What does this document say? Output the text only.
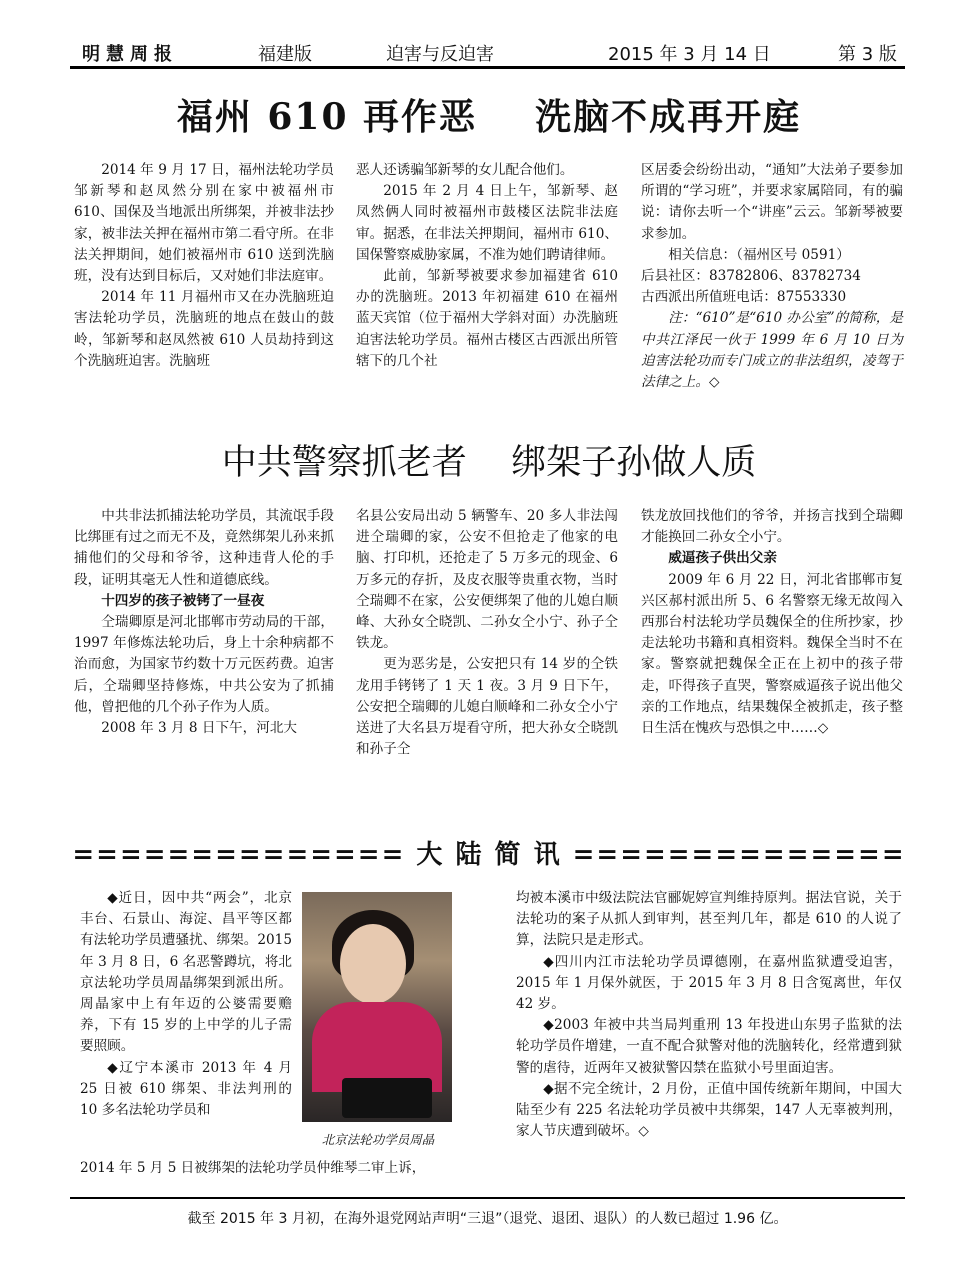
明慧周报	福建版	迫害与反迫害	2015 年 3 月 14 日	第 3 版
福州 610 再作恶    洗脑不成再开庭

2014 年 9 月 17 日，福州法轮功学员邹新琴和赵凤然分别在家中被福州市 610、国保及当地派出所绑架，并被非法抄家，被非法关押在福州市第二看守所。在非法关押期间，她们被福州市 610 送到洗脑班，没有达到目标后，又对她们非法庭审。

2014 年 11 月福州市又在办洗脑班迫害法轮功学员，洗脑班的地点在鼓山的鼓岭，邹新琴和赵凤然被 610 人员劫持到这个洗脑班迫害。洗脑班

恶人还诱骗邹新琴的女儿配合他们。

2015 年 2 月 4 日上午，邹新琴、赵凤然俩人同时被福州市鼓楼区法院非法庭审。据悉，在非法关押期间，福州市 610、国保警察威胁家属，不准为她们聘请律师。

此前，邹新琴被要求参加福建省 610 办的洗脑班。2013 年初福建 610 在福州蓝天宾馆（位于福州大学斜对面）办洗脑班迫害法轮功学员。福州古楼区古西派出所管辖下的几个社

区居委会纷纷出动，“通知”大法弟子要参加所谓的“学习班”，并要求家属陪同，有的骗说：请你去听一个“讲座”云云。邹新琴被要求参加。

相关信息：（福州区号 0591）

后县社区：83782806、83782734

古西派出所值班电话：87553330

注：“610”是“610 办公室”的简称，是中共江泽民一伙于 1999 年 6 月 10 日为迫害法轮功而专门成立的非法组织，凌驾于法律之上。◇

中共警察抓老者    绑架子孙做人质

中共非法抓捕法轮功学员，其流氓手段比绑匪有过之而无不及，竟然绑架儿孙来抓捕他们的父母和爷爷，这种违背人伦的手段，证明其毫无人性和道德底线。

十四岁的孩子被铐了一昼夜

仝瑞卿原是河北邯郸市劳动局的干部，1997 年修炼法轮功后，身上十余种病都不治而愈，为国家节约数十万元医药费。迫害后，仝瑞卿坚持修炼，中共公安为了抓捕他，曾把他的几个孙子作为人质。

2008 年 3 月 8 日下午，河北大

名县公安局出动 5 辆警车、20 多人非法闯进仝瑞卿的家，公安不但抢走了他家的电脑、打印机，还抢走了 5 万多元的现金、6 万多元的存折，及皮衣服等贵重衣物，当时仝瑞卿不在家，公安便绑架了他的儿媳白顺峰、大孙女仝晓凯、二孙女仝小宁、孙子仝铁龙。

更为恶劣是，公安把只有 14 岁的仝铁龙用手铐铐了 1 天 1 夜。3 月 9 日下午，公安把仝瑞卿的儿媳白顺峰和二孙女仝小宁送进了大名县万堤看守所，把大孙女仝晓凯和孙子仝

铁龙放回找他们的爷爷，并扬言找到仝瑞卿才能换回二孙女仝小宁。

威逼孩子供出父亲

2009 年 6 月 22 日，河北省邯郸市复兴区郝村派出所 5、6 名警察无缘无故闯入西那台村法轮功学员魏保全的住所抄家，抄走法轮功书籍和真相资料。魏保全当时不在家。警察就把魏保全正在上初中的孩子带走，吓得孩子直哭，警察威逼孩子说出他父亲的工作地点，结果魏保全被抓走，孩子整日生活在愧疚与恐惧之中……◇

============== 大 陆 简 讯 ==============

◆近日，因中共“两会”，北京丰台、石景山、海淀、昌平等区都有法轮功学员遭骚扰、绑架。2015 年 3 月 8 日，6 名恶警蹲坑，将北京法轮功学员周晶绑架到派出所。周晶家中上有年迈的公婆需要赡养，下有 15 岁的上中学的儿子需要照顾。

◆辽宁本溪市 2013 年 4 月 25 日被 610 绑架、非法判刑的 10 多名法轮功学员和

2014 年 5 月 5 日被绑架的法轮功学员仲维琴二审上诉，

北京法轮功学员周晶

均被本溪市中级法院法官郦妮婷宣判维持原判。据法官说，关于法轮功的案子从抓人到审判，甚至判几年，都是 610 的人说了算，法院只是走形式。

◆四川内江市法轮功学员谭德刚，在嘉州监狱遭受迫害，2015 年 1 月保外就医，于 2015 年 3 月 8 日含冤离世，年仅 42 岁。

◆2003 年被中共当局判重刑 13 年投进山东男子监狱的法轮功学员仵增建，一直不配合狱警对他的洗脑转化，经常遭到狱警的虐待，近两年又被狱警囚禁在监狱小号里面迫害。

◆据不完全统计，2 月份，正值中国传统新年期间，中国大陆至少有 225 名法轮功学员被中共绑架，147 人无辜被判刑，家人节庆遭到破坏。◇

截至 2015 年 3 月初，在海外退党网站声明“三退”（退党、退团、退队）的人数已超过 1.96 亿。
